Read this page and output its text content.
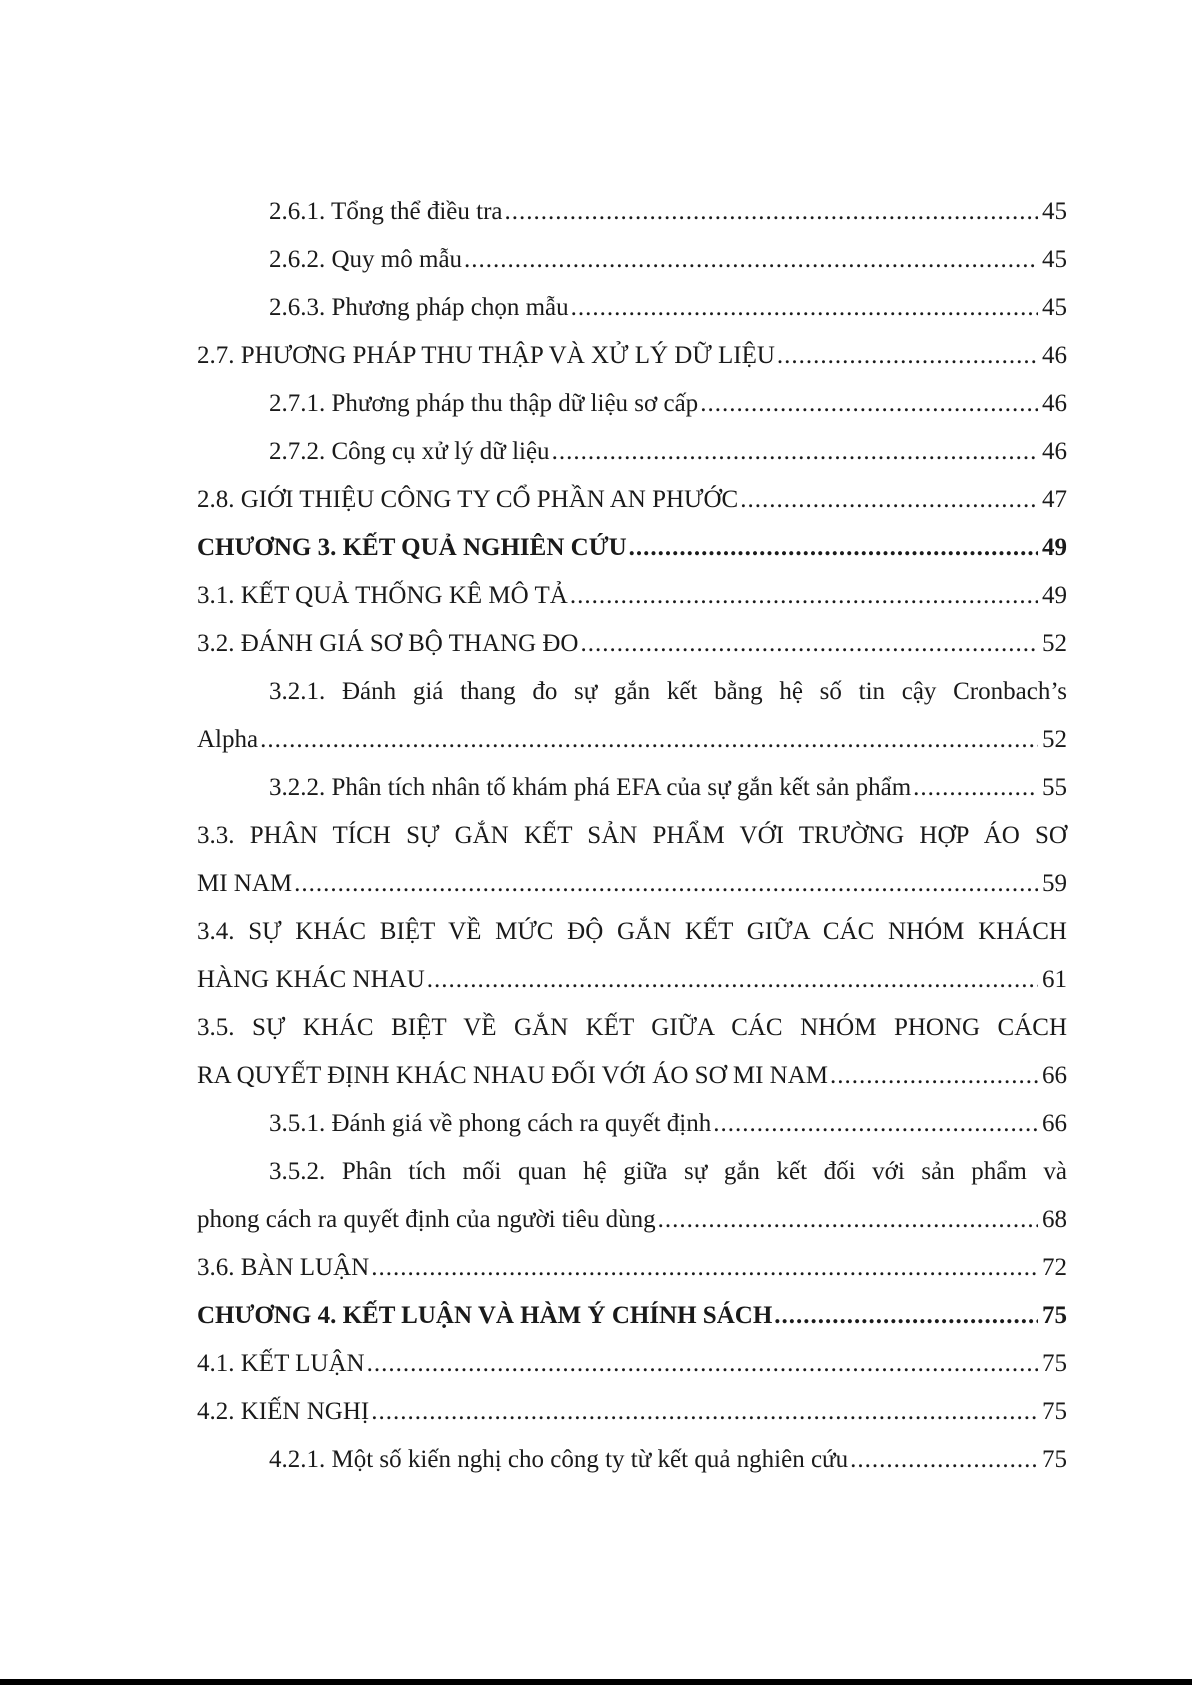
2.6.1. Tổng thể điều tra .....	45
2.6.2. Quy mô mẫu .....	45
2.6.3. Phương pháp chọn mẫu .....	45
2.7. PHƯƠNG PHÁP THU THẬP VÀ XỬ LÝ DỮ LIỆU .....	46
2.7.1. Phương pháp thu thập dữ liệu sơ cấp .....	46
2.7.2. Công cụ xử lý dữ liệu .....	46
2.8. GIỚI THIỆU CÔNG TY CỔ PHẦN AN PHƯỚC .....	47
CHƯƠNG 3. KẾT QUẢ NGHIÊN CỨU .....	49
3.1. KẾT QUẢ THỐNG KÊ MÔ TẢ .....	49
3.2. ĐÁNH GIÁ SƠ BỘ THANG ĐO .....	52
3.2.1. Đánh giá thang đo sự gắn kết bằng hệ số tin cậy Cronbach’s
Alpha .....	52
3.2.2. Phân tích nhân tố khám phá EFA của sự gắn kết sản phẩm .....	55
3.3. PHÂN TÍCH SỰ GẮN KẾT SẢN PHẨM VỚI TRƯỜNG HỢP ÁO SƠ
MI NAM .....	59
3.4. SỰ KHÁC BIỆT VỀ MỨC ĐỘ GẮN KẾT GIỮA CÁC NHÓM KHÁCH
HÀNG KHÁC NHAU .....	61
3.5. SỰ KHÁC BIỆT VỀ GẮN KẾT GIỮA CÁC NHÓM PHONG CÁCH
RA QUYẾT ĐỊNH KHÁC NHAU ĐỐI VỚI ÁO SƠ MI NAM .....	66
3.5.1. Đánh giá về phong cách ra quyết định .....	66
3.5.2. Phân tích mối quan hệ giữa sự gắn kết đối với sản phẩm và
phong cách ra quyết định của người tiêu dùng .....	68
3.6. BÀN LUẬN .....	72
CHƯƠNG 4. KẾT LUẬN VÀ HÀM Ý CHÍNH SÁCH .....	75
4.1. KẾT LUẬN .....	75
4.2. KIẾN NGHỊ .....	75
4.2.1. Một số kiến nghị cho công ty từ kết quả nghiên cứu .....	75
